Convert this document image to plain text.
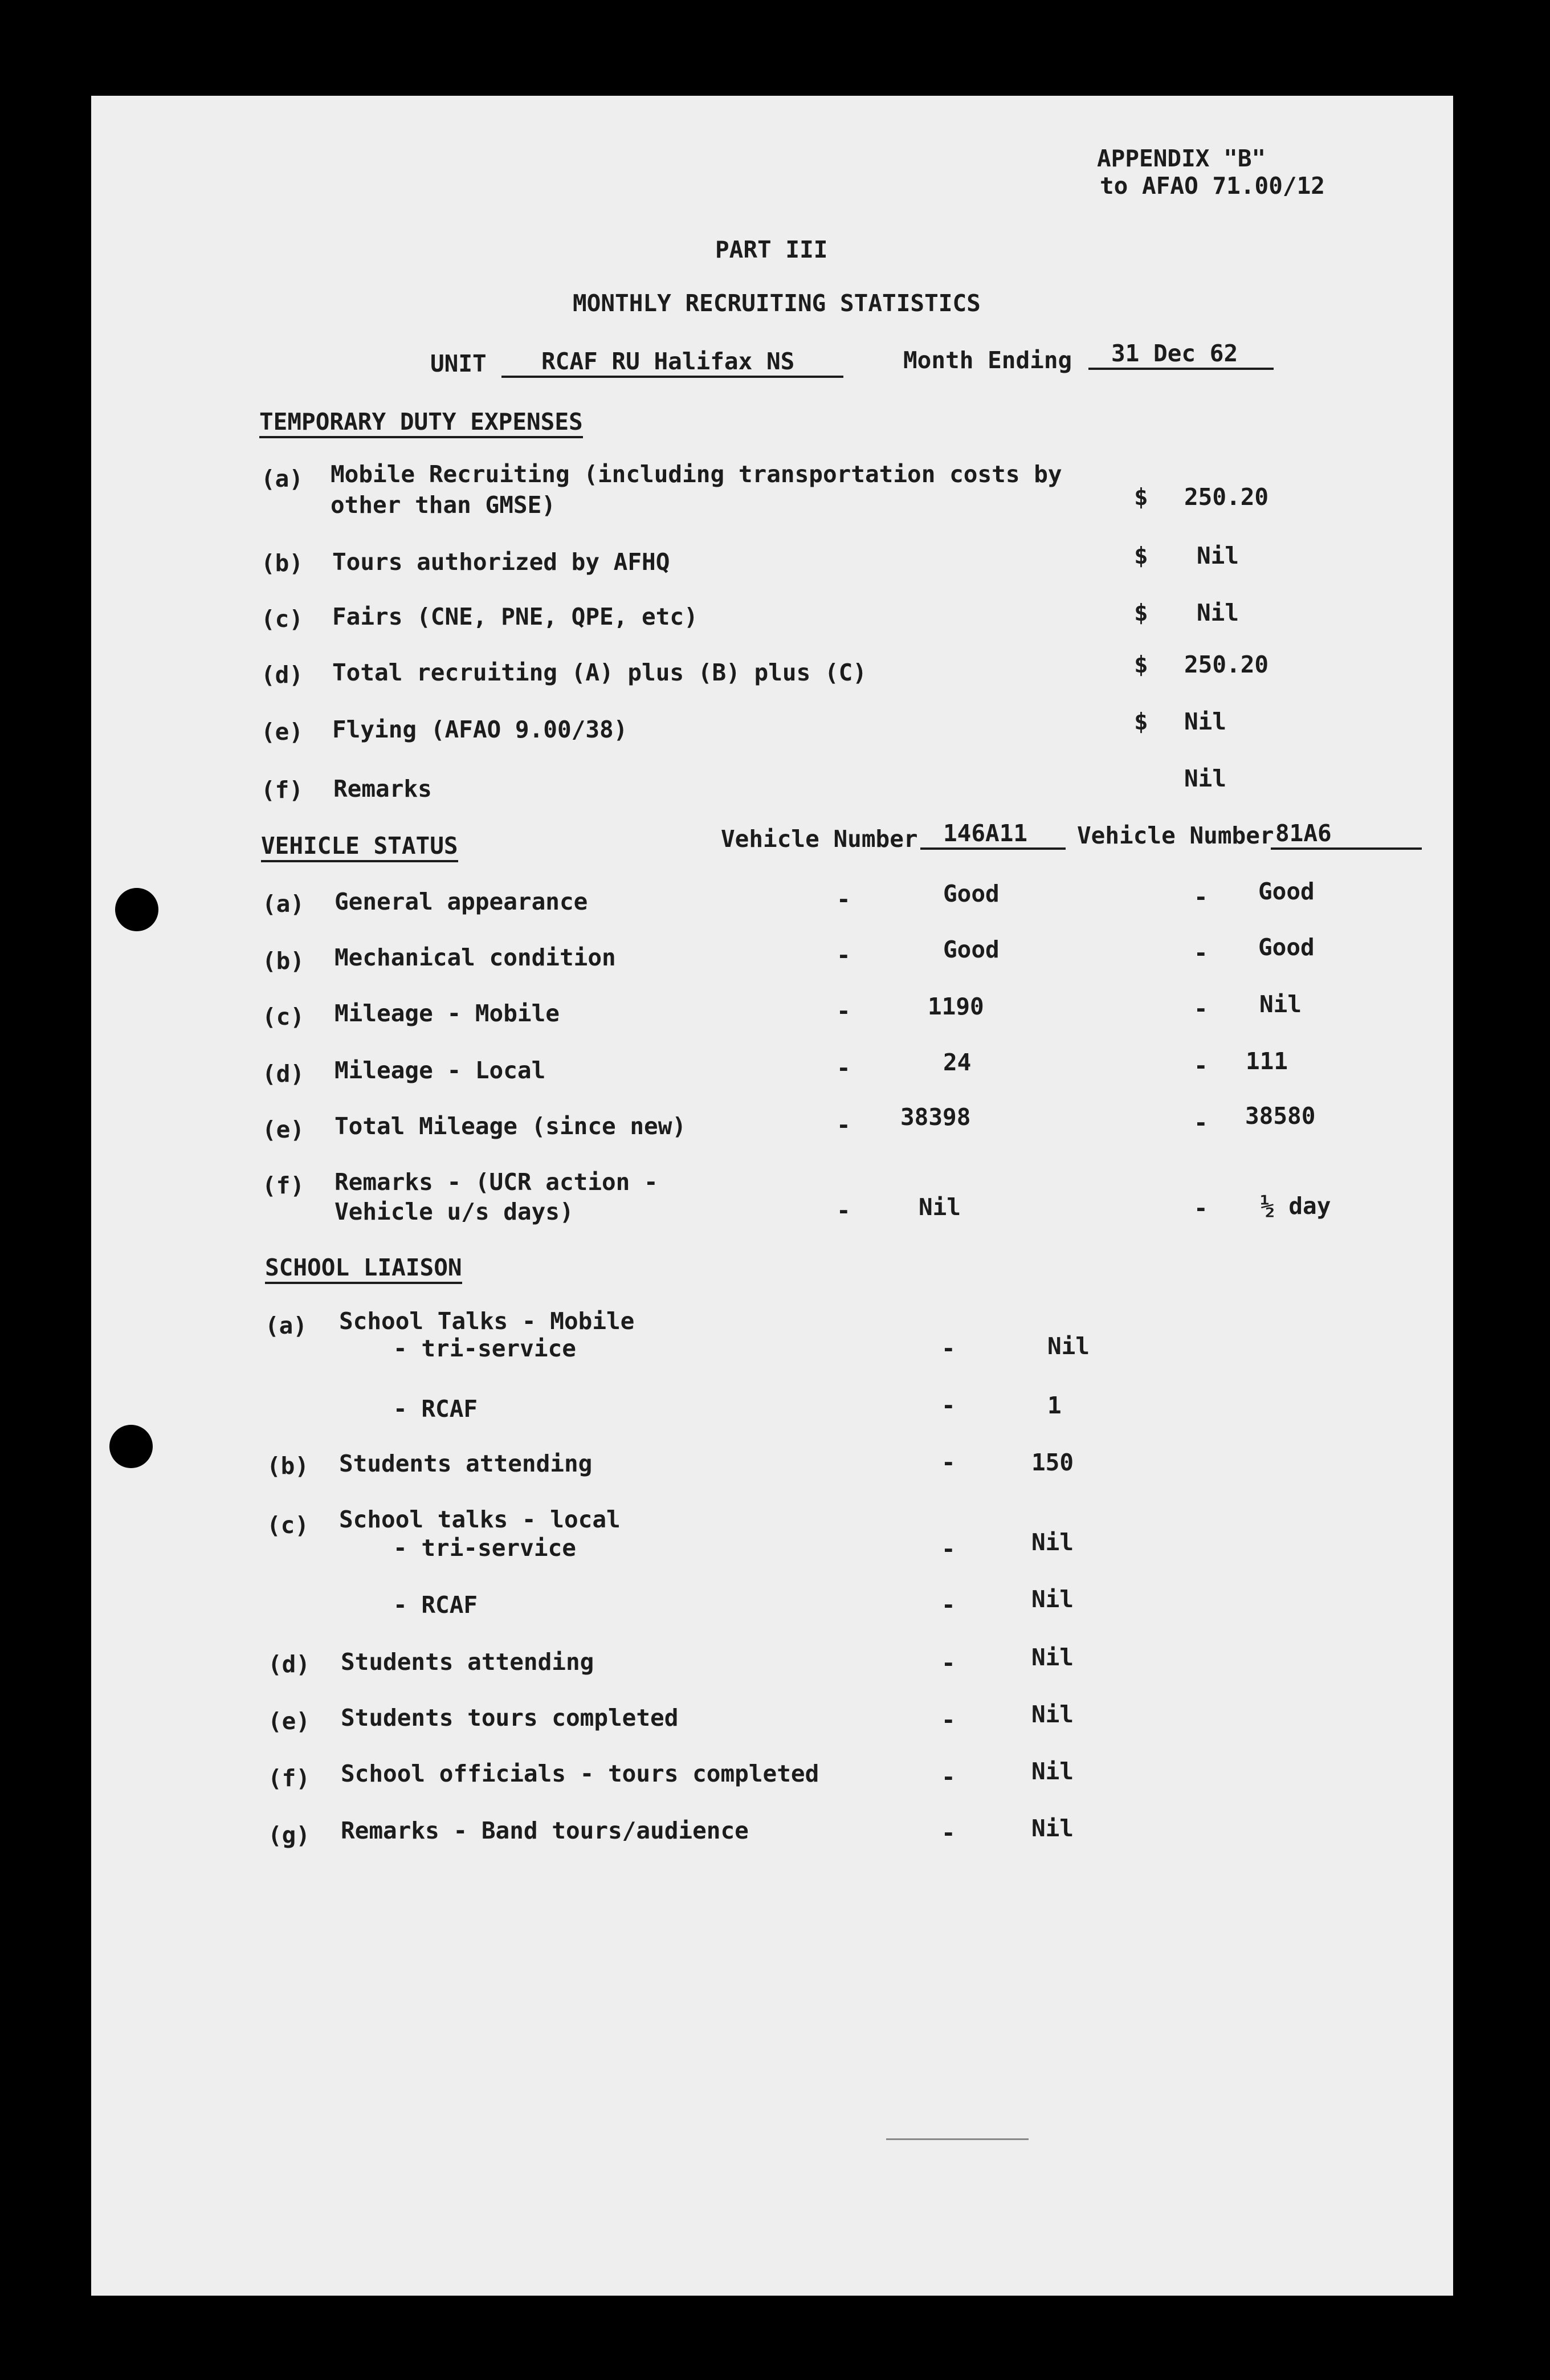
APPENDIX "B"

to AFAO 71.00/12

PART III

MONTHLY RECRUITING STATISTICS

UNIT	RCAF RU Halifax NS	Month Ending	31 Dec 62

TEMPORARY DUTY EXPENSES

(a) Mobile Recruiting (including transportation costs by

other than GMSE)	$ 250.20

(b) Tours authorized by AFHQ	$ Nil

(c) Fairs (CNE, PNE, QPE, etc)	$ Nil

(d) Total recruiting (A) plus (B) plus (C)	$ 250.20

(e) Flying (AFAO 9.00/38)	$ Nil

(f) Remarks	Nil

VEHICLE STATUS	Vehicle Number	146A11	Vehicle Number 81A6

(a) General appearance	-	Good	- Good

(b) Mechanical condition	-	Good	- Good

(c) Mileage - Mobile	-	1190	- Nil

(d) Mileage - Local	-	24	- 111

(e) Total Mileage (since new)	- 38398	- 38580

(f) Remarks - (UCR action -

Vehicle u/s days)	-	Nil	- ½ day

SCHOOL LIAISON

(a) School Talks - Mobile

- tri-service	-	Nil

- RCAF	-	1

(b) Students attending	-	150

(c) School talks - local

- tri-service	-	Nil

- RCAF	-	Nil

(d) Students attending	-	Nil

(e) Students tours completed	-	Nil

(f) School officials - tours completed	-	Nil

(g) Remarks - Band tours/audience	-	Nil
